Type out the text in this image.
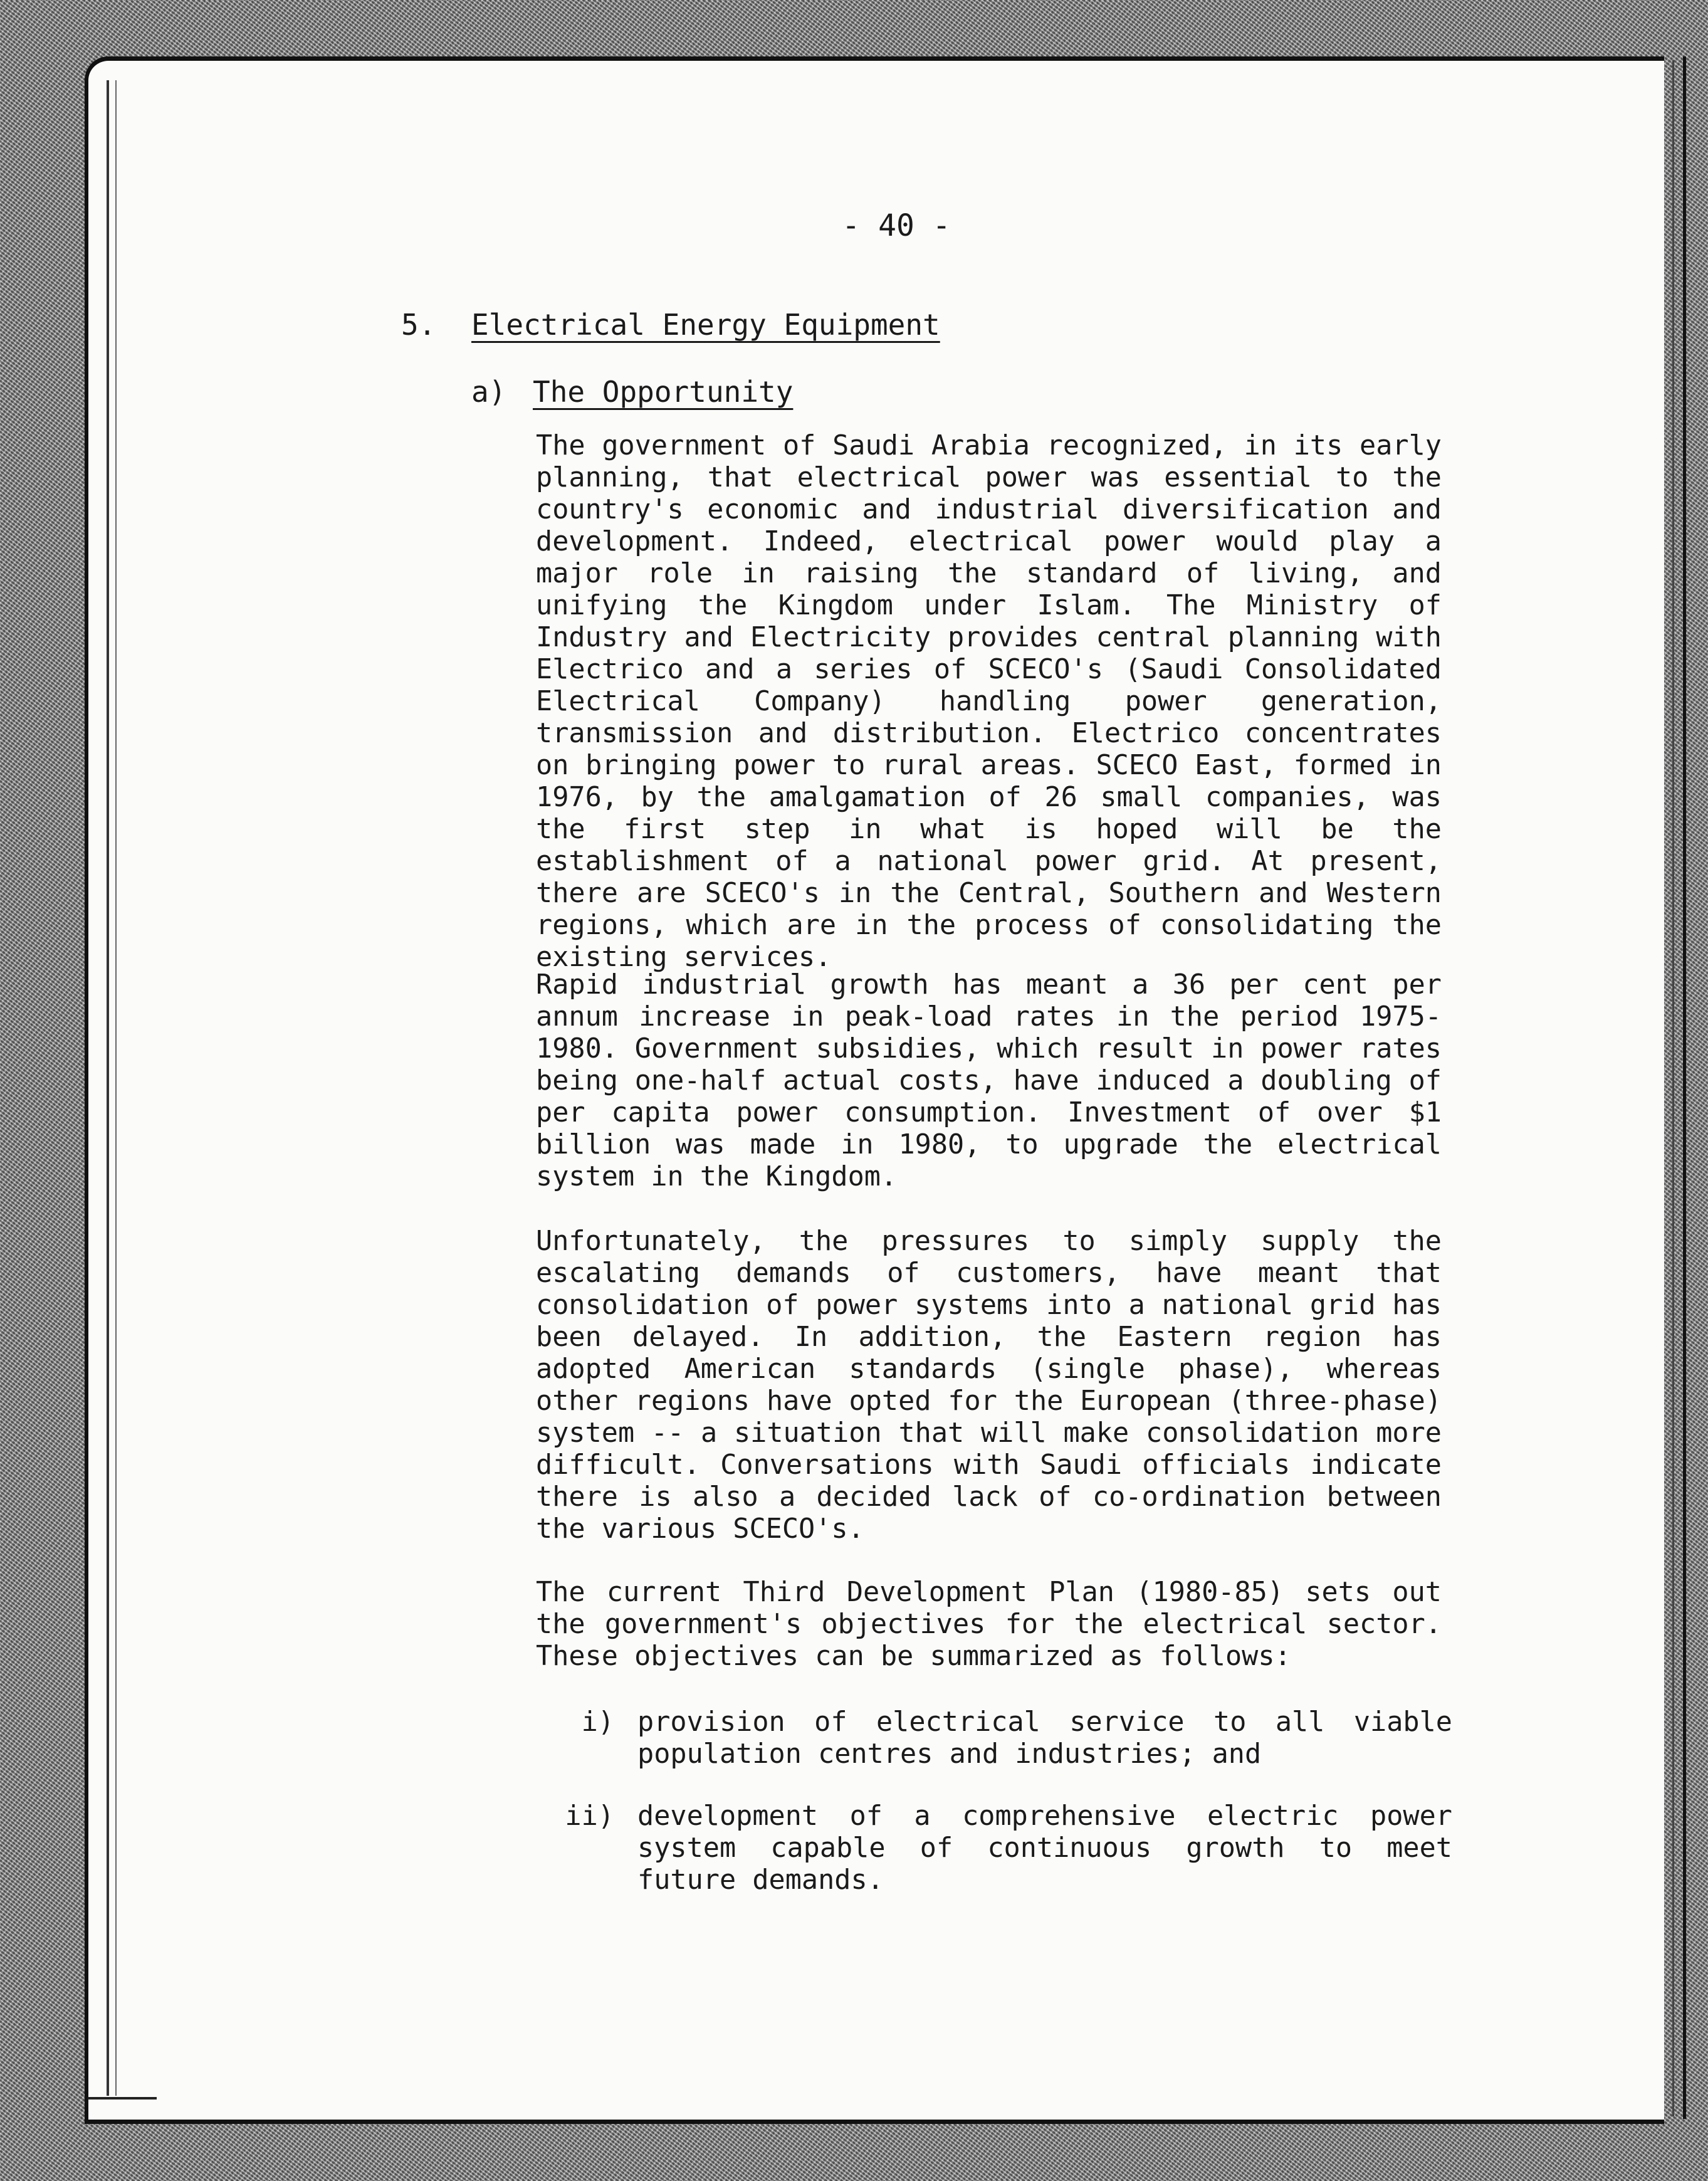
- 40 -
5. Electrical Energy Equipment
a) The Opportunity

The government of Saudi Arabia recognized, in its early planning, that electrical power was essential to the country's economic and industrial diversification and development. Indeed, electrical power would play a major role in raising the standard of living, and unifying the Kingdom under Islam. The Ministry of Industry and Electricity provides central planning with Electrico and a series of SCECO's (Saudi Consolidated Electrical Company) handling power generation, transmission and distribution. Electrico concentrates on bringing power to rural areas. SCECO East, formed in 1976, by the amalgamation of 26 small companies, was the first step in what is hoped will be the establishment of a national power grid. At present, there are SCECO's in the Central, Southern and Western regions, which are in the process of consolidating the existing services.

Rapid industrial growth has meant a 36 per cent per annum increase in peak-load rates in the period 1975-1980. Government subsidies, which result in power rates being one-half actual costs, have induced a doubling of per capita power consumption. Investment of over $1 billion was made in 1980, to upgrade the electrical system in the Kingdom.

Unfortunately, the pressures to simply supply the escalating demands of customers, have meant that consolidation of power systems into a national grid has been delayed. In addition, the Eastern region has adopted American standards (single phase), whereas other regions have opted for the European (three-phase) system -- a situation that will make consolidation more difficult. Conversations with Saudi officials indicate there is also a decided lack of co-ordination between the various SCECO's.

The current Third Development Plan (1980-85) sets out the government's objectives for the electrical sector. These objectives can be summarized as follows:

i) provision of electrical service to all viable population centres and industries; and
ii) development of a comprehensive electric power system capable of continuous growth to meet future demands.
